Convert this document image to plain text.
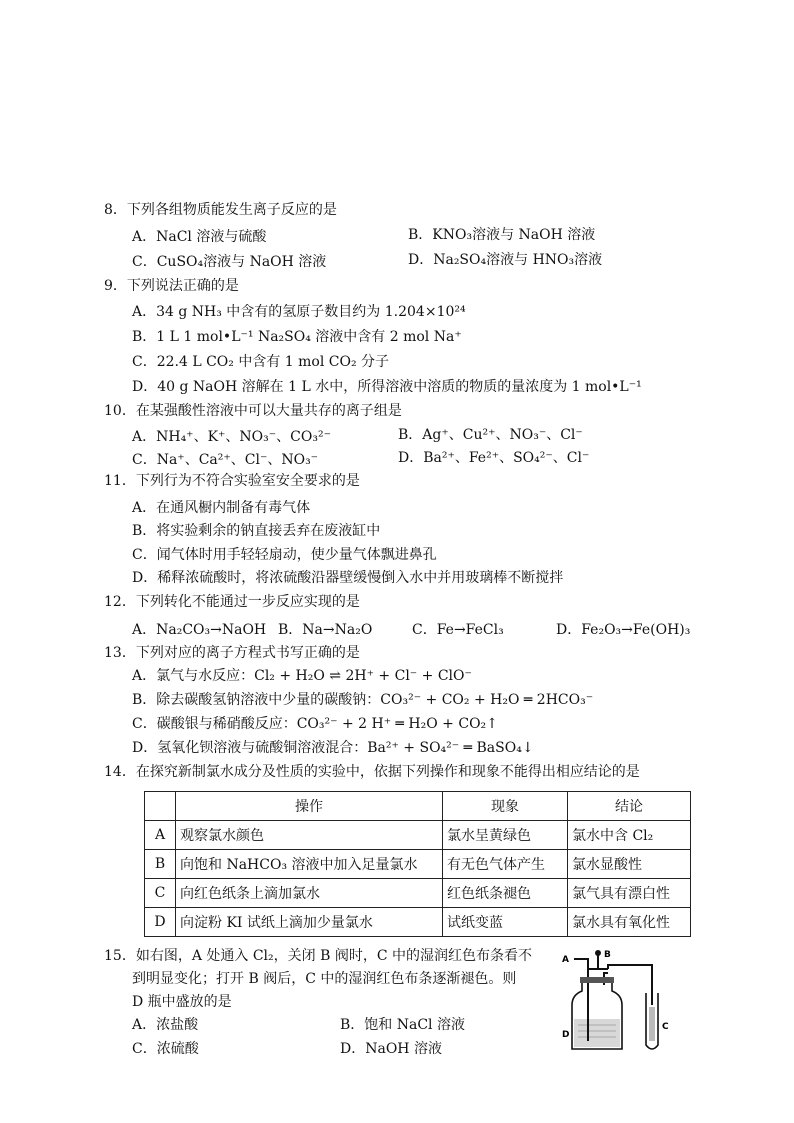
8．下列各组物质能发生离子反应的是
A．NaCl 溶液与硫酸	B．KNO₃溶液与 NaOH 溶液
C．CuSO₄溶液与 NaOH 溶液	D．Na₂SO₄溶液与 HNO₃溶液
9．下列说法正确的是
A．34 g NH₃ 中含有的氢原子数目约为 1.204×10²⁴
B．1 L 1 mol•L⁻¹ Na₂SO₄ 溶液中含有 2 mol Na⁺
C．22.4 L CO₂ 中含有 1 mol CO₂ 分子
D．40 g NaOH 溶解在 1 L 水中，所得溶液中溶质的物质的量浓度为 1 mol•L⁻¹
10．在某强酸性溶液中可以大量共存的离子组是
A．NH₄⁺、K⁺、NO₃⁻、CO₃²⁻	B．Ag⁺、Cu²⁺、NO₃⁻、Cl⁻
C．Na⁺、Ca²⁺、Cl⁻、NO₃⁻	D．Ba²⁺、Fe²⁺、SO₄²⁻、Cl⁻
11．下列行为不符合实验室安全要求的是
A．在通风橱内制备有毒气体
B．将实验剩余的钠直接丢弃在废液缸中
C．闻气体时用手轻轻扇动，使少量气体飘进鼻孔
D．稀释浓硫酸时，将浓硫酸沿器壁缓慢倒入水中并用玻璃棒不断搅拌
12．下列转化不能通过一步反应实现的是
A．Na₂CO₃→NaOH B．Na→Na₂O	C．Fe→FeCl₃	D．Fe₂O₃→Fe(OH)₃
13．下列对应的离子方程式书写正确的是
A．氯气与水反应：Cl₂ + H₂O ⇌ 2H⁺ + Cl⁻ + ClO⁻
B．除去碳酸氢钠溶液中少量的碳酸钠：CO₃²⁻ + CO₂ + H₂O ═ 2HCO₃⁻
C．碳酸银与稀硝酸反应：CO₃²⁻ + 2 H⁺ ═ H₂O + CO₂↑
D．氢氧化钡溶液与硫酸铜溶液混合：Ba²⁺ + SO₄²⁻ ═ BaSO₄↓
14．在探究新制氯水成分及性质的实验中，依据下列操作和现象不能得出相应结论的是
	操作	现象	结论
A	观察氯水颜色	氯水呈黄绿色	氯水中含 Cl₂
B	向饱和 NaHCO₃ 溶液中加入足量氯水	有无色气体产生	氯水显酸性
C	向红色纸条上滴加氯水	红色纸条褪色	氯气具有漂白性
D	向淀粉 KI 试纸上滴加少量氯水	试纸变蓝	氯水具有氧化性
15．如右图，A 处通入 Cl₂，关闭 B 阀时，C 中的湿润红色布条看不
到明显变化；打开 B 阀后，C 中的湿润红色布条逐渐褪色。则
D 瓶中盛放的是
A．浓盐酸	B．饱和 NaCl 溶液
C．浓硫酸	D．NaOH 溶液
A	B
C
D
